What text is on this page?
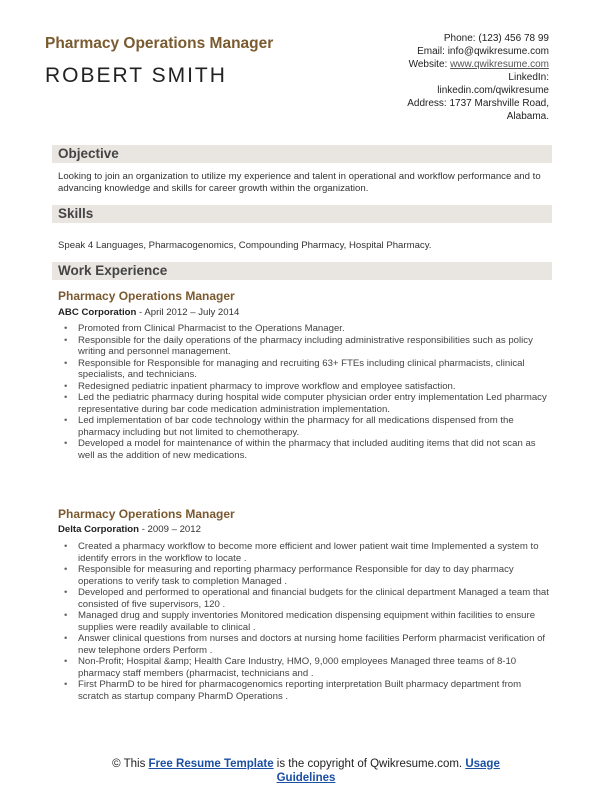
Pharmacy Operations Manager
ROBERT SMITH
Phone: (123) 456 78 99
Email: info@qwikresume.com
Website: www.qwikresume.com
LinkedIn:
linkedin.com/qwikresume
Address: 1737 Marshville Road,
Alabama.
Objective
Looking to join an organization to utilize my experience and talent in operational and workflow performance and to advancing knowledge and skills for career growth within the organization.
Skills
Speak 4 Languages, Pharmacogenomics, Compounding Pharmacy, Hospital Pharmacy.
Work Experience
Pharmacy Operations Manager
ABC Corporation - April 2012 – July 2014
• Promoted from Clinical Pharmacist to the Operations Manager.
• Responsible for the daily operations of the pharmacy including administrative responsibilities such as policy writing and personnel management.
• Responsible for Responsible for managing and recruiting 63+ FTEs including clinical pharmacists, clinical specialists, and technicians.
• Redesigned pediatric inpatient pharmacy to improve workflow and employee satisfaction.
• Led the pediatric pharmacy during hospital wide computer physician order entry implementation Led pharmacy representative during bar code medication administration implementation.
• Led implementation of bar code technology within the pharmacy for all medications dispensed from the pharmacy including but not limited to chemotherapy.
• Developed a model for maintenance of within the pharmacy that included auditing items that did not scan as well as the addition of new medications.
Pharmacy Operations Manager
Delta Corporation - 2009 – 2012
• Created a pharmacy workflow to become more efficient and lower patient wait time Implemented a system to identify errors in the workflow to locate .
• Responsible for measuring and reporting pharmacy performance Responsible for day to day pharmacy operations to verify task to completion Managed .
• Developed and performed to operational and financial budgets for the clinical department Managed a team that consisted of five supervisors, 120 .
• Managed drug and supply inventories Monitored medication dispensing equipment within facilities to ensure supplies were readily available to clinical .
• Answer clinical questions from nurses and doctors at nursing home facilities Perform pharmacist verification of new telephone orders Perform .
• Non-Profit; Hospital &amp; Health Care Industry, HMO, 9,000 employees Managed three teams of 8-10 pharmacy staff members (pharmacist, technicians and .
• First PharmD to be hired for pharmacogenomics reporting interpretation Built pharmacy department from scratch as startup company PharmD Operations .
© This Free Resume Template is the copyright of Qwikresume.com. Usage
Guidelines
